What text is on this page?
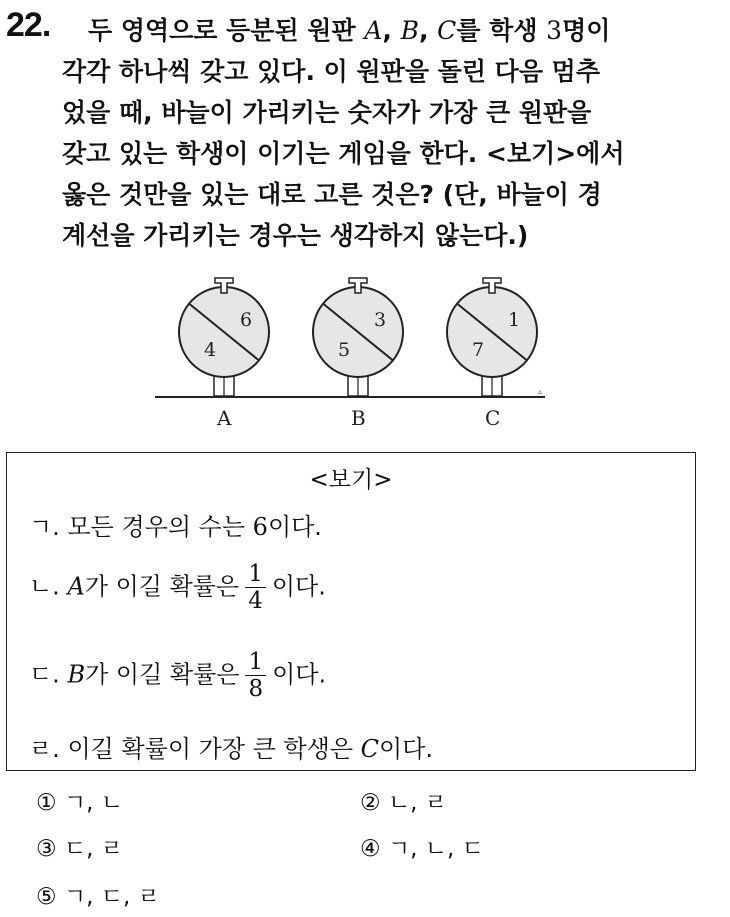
22.	두 영역으로 등분된 원판 A, B, C를 학생 3명이
각각 하나씩 갖고 있다. 이 원판을 돌린 다음 멈추
었을 때, 바늘이 가리키는 숫자가 가장 큰 원판을
갖고 있는 학생이 이기는 게임을 한다. <보기>에서
옳은 것만을 있는 대로 고른 것은? (단, 바늘이 경
계선을 가리키는 경우는 생각하지 않는다.)
▵
6
4
A
3
5
B
1
7
C
<보기>
ㄱ. 모든 경우의 수는 6이다.
ㄴ. A가 이길 확률은 $\frac{1}{4}$ 이다.
ㄷ. B가 이길 확률은 $\frac{1}{8}$ 이다.
ㄹ. 이길 확률이 가장 큰 학생은 C이다.
① ㄱ, ㄴ	② ㄴ, ㄹ
③ ㄷ, ㄹ	④ ㄱ, ㄴ, ㄷ
⑤ ㄱ, ㄷ, ㄹ
